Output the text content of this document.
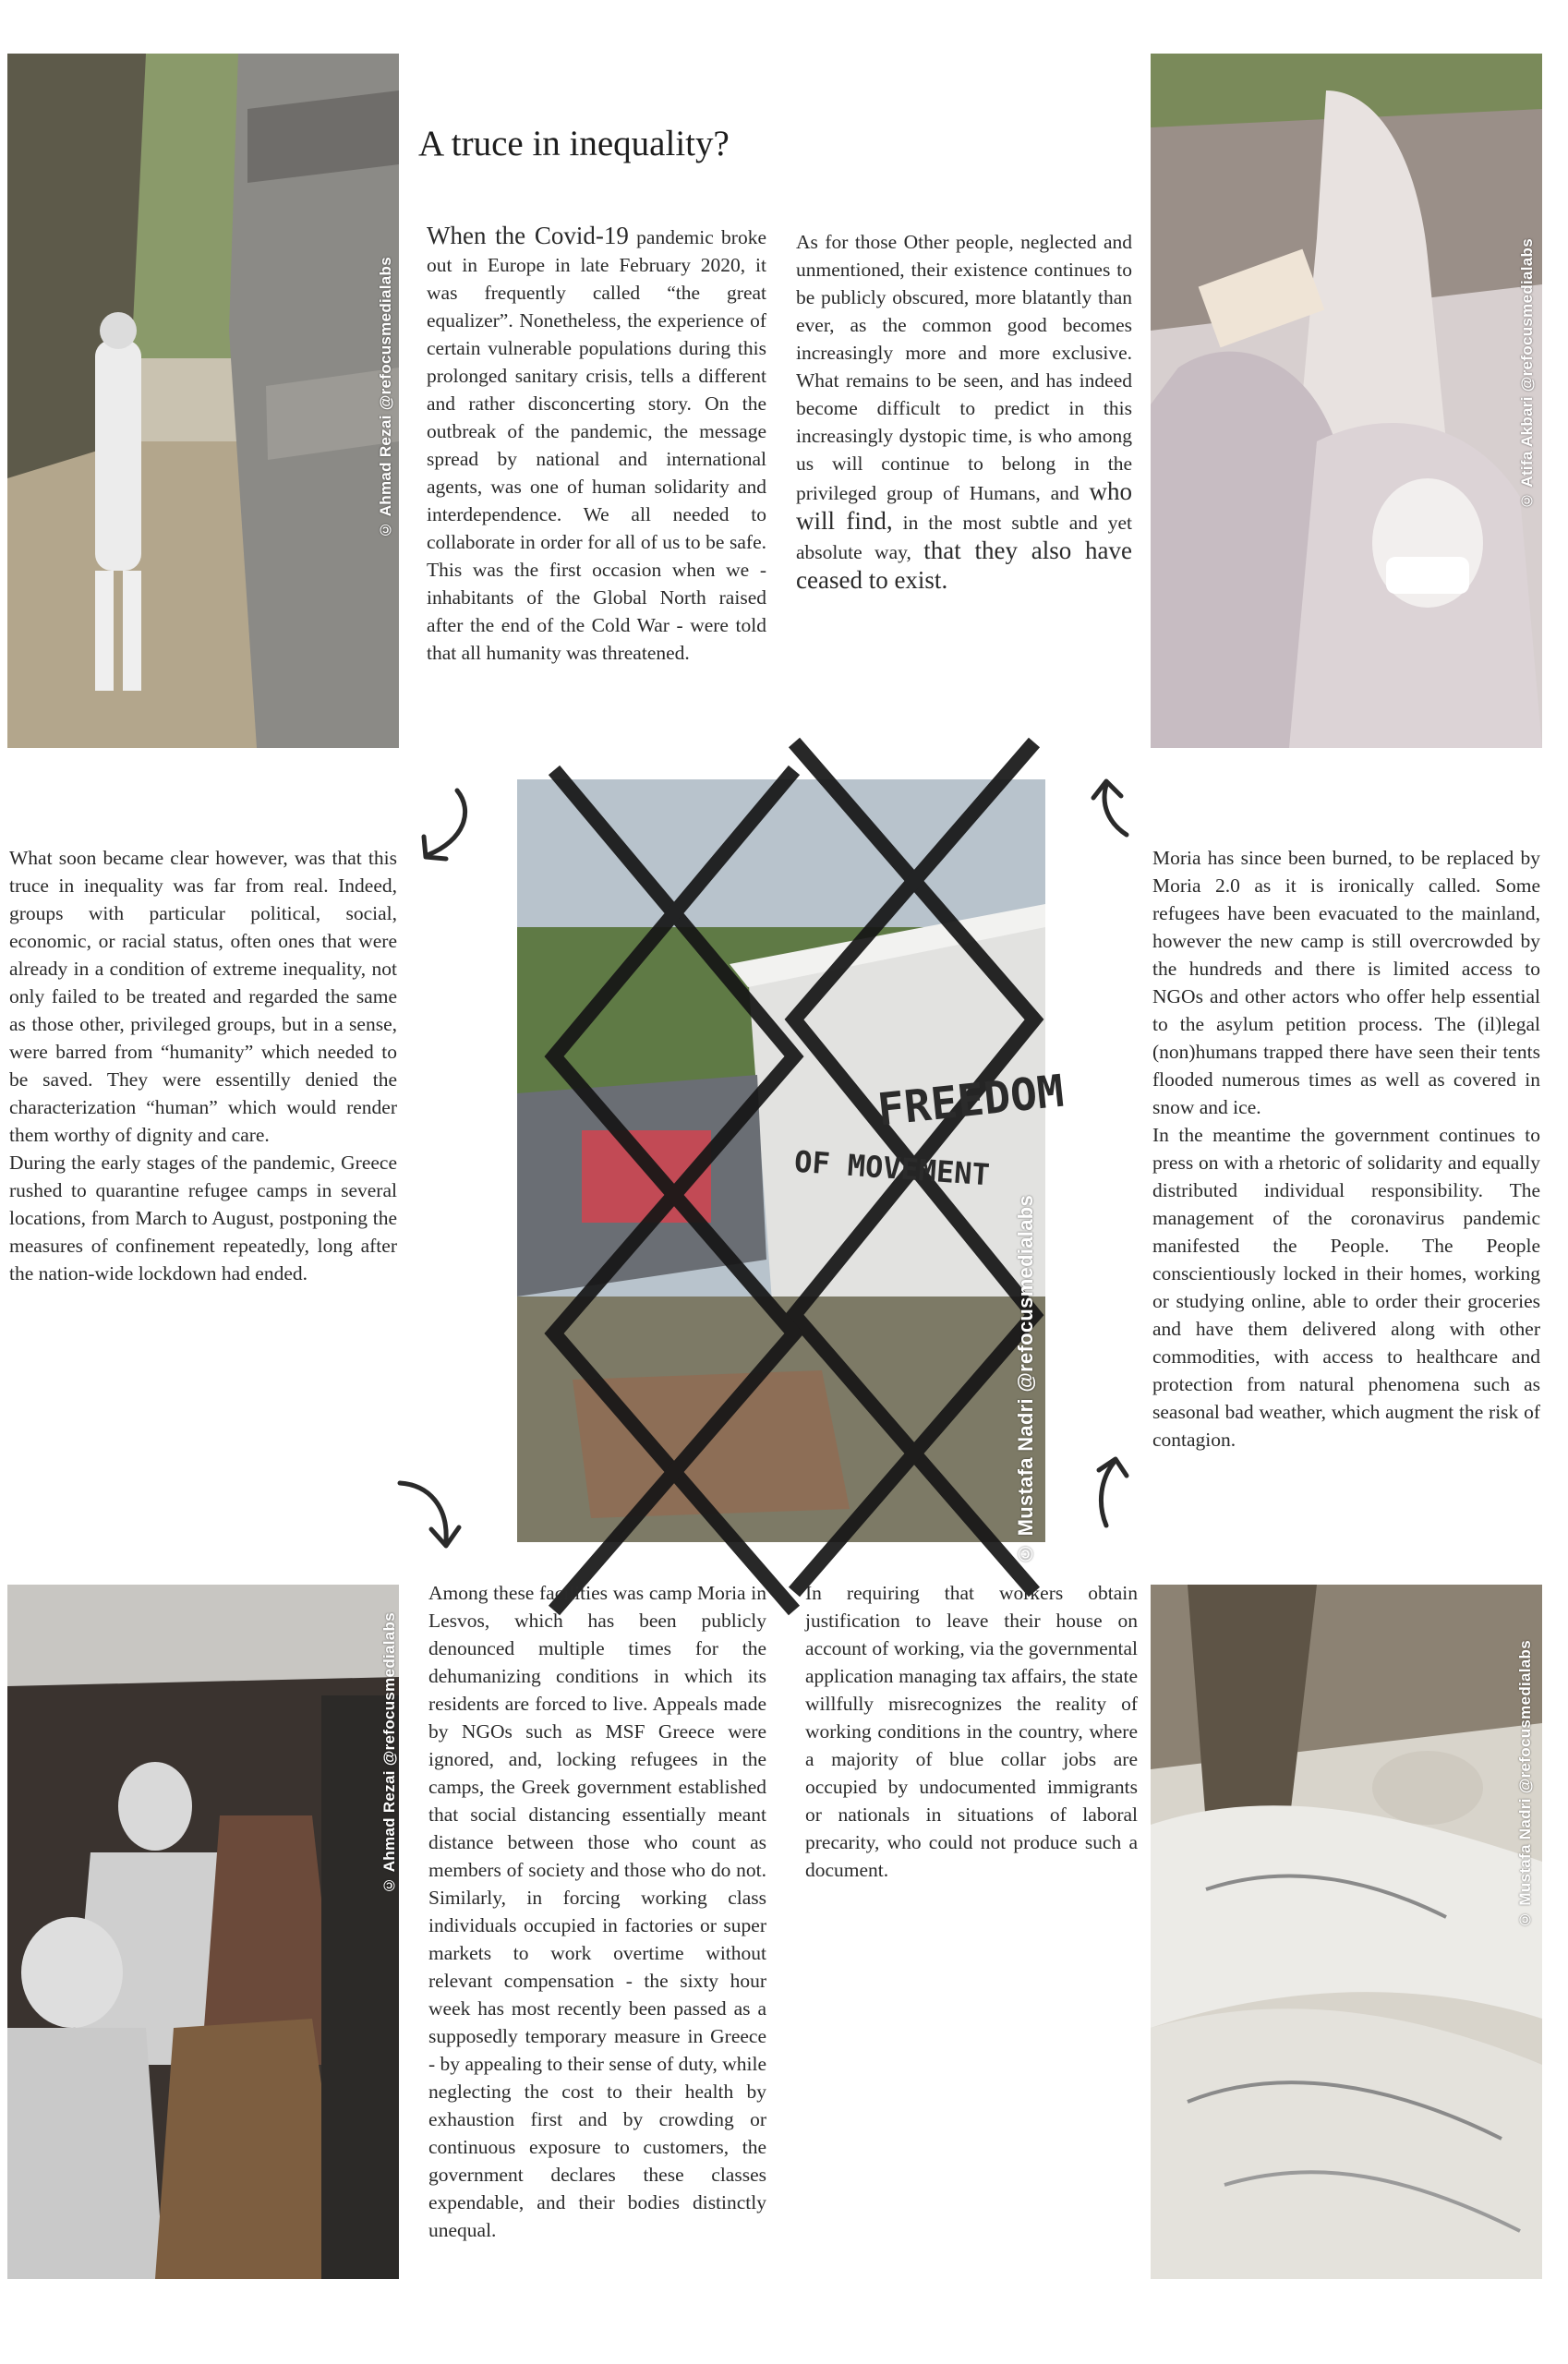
© Ahmad Rezai @refocusmedialabs
A truce in inequality?

When the Covid-19 pandemic broke out in Europe in late February 2020, it was frequently called “the great equalizer”. Nonetheless, the experience of certain vulnerable populations during this prolonged sanitary crisis, tells a different and rather disconcerting story. On the outbreak of the pandemic, the message spread by national and international agents, was one of human solidarity and interdependence. We all needed to collaborate in order for all of us to be safe. This was the first occasion when we -inhabitants of the Global North raised after the end of the Cold War - were told that all humanity was threatened.

As for those Other people, neglected and unmentioned, their existence continues to be publicly obscured, more blatantly than ever, as the common good becomes increasingly more and more exclusive. What remains to be seen, and has indeed become difficult to predict in this increasingly dystopic time, is who among us will continue to belong in the privileged group of Humans, and who will find, in the most subtle and yet absolute way, that they also have ceased to exist.

© Atifa Akbari @refocusmedialabs

What soon became clear however, was that this truce in inequality was far from real. Indeed, groups with particular political, social, economic, or racial status, often ones that were already in a condition of extreme inequality, not only failed to be treated and regarded the same as those other, privileged groups, but in a sense, were barred from “humanity” which needed to be saved. They were essentilly denied the characterization “human” which would render them worthy of dignity and care.

During the early stages of the pandemic, Greece rushed to quarantine refugee camps in several locations, from March to August, postponing the measures of confinement repeatedly, long after the nation-wide lockdown had ended.

FREEDOM
OF MOVEMENT
© Mustafa Nadri @refocusmedialabs

Moria has since been burned, to be replaced by Moria 2.0 as it is ironically called. Some refugees have been evacuated to the mainland, however the new camp is still overcrowded by the hundreds and there is limited access to NGOs and other actors who offer help essential to the asylum petition process. The (il)legal (non)humans trapped there have seen their tents flooded numerous times as well as covered in snow and ice.

In the meantime the government continues to press on with a rhetoric of solidarity and equally distributed individual responsibility. The management of the coronavirus pandemic manifested the People. The People conscientiously locked in their homes, working or studying online, able to order their groceries and have them delivered along with other commodities, with access to healthcare and protection from natural phenomena such as seasonal bad weather, which augment the risk of contagion.

© Ahmad Rezai @refocusmedialabs

Among these facilities was camp Moria in Lesvos, which has been publicly denounced multiple times for the dehumanizing conditions in which its residents are forced to live. Appeals made by NGOs such as MSF Greece were ignored, and, locking refugees in the camps, the Greek government established that social distancing essentially meant distance between those who count as members of society and those who do not. Similarly, in forcing working class individuals occupied in factories or super markets to work overtime without relevant compensation - the sixty hour week has most recently been passed as a supposedly temporary measure in Greece - by appealing to their sense of duty, while neglecting the cost to their health by exhaustion first and by crowding or continuous exposure to customers, the government declares these classes expendable, and their bodies distinctly unequal.

In requiring that workers obtain justification to leave their house on account of working, via the governmental application managing tax affairs, the state willfully misrecognizes the reality of working conditions in the country, where a majority of blue collar jobs are occupied by undocumented immigrants or nationals in situations of laboral precarity, who could not produce such a document.	© Mustafa Nadri @refocusmedialabs
